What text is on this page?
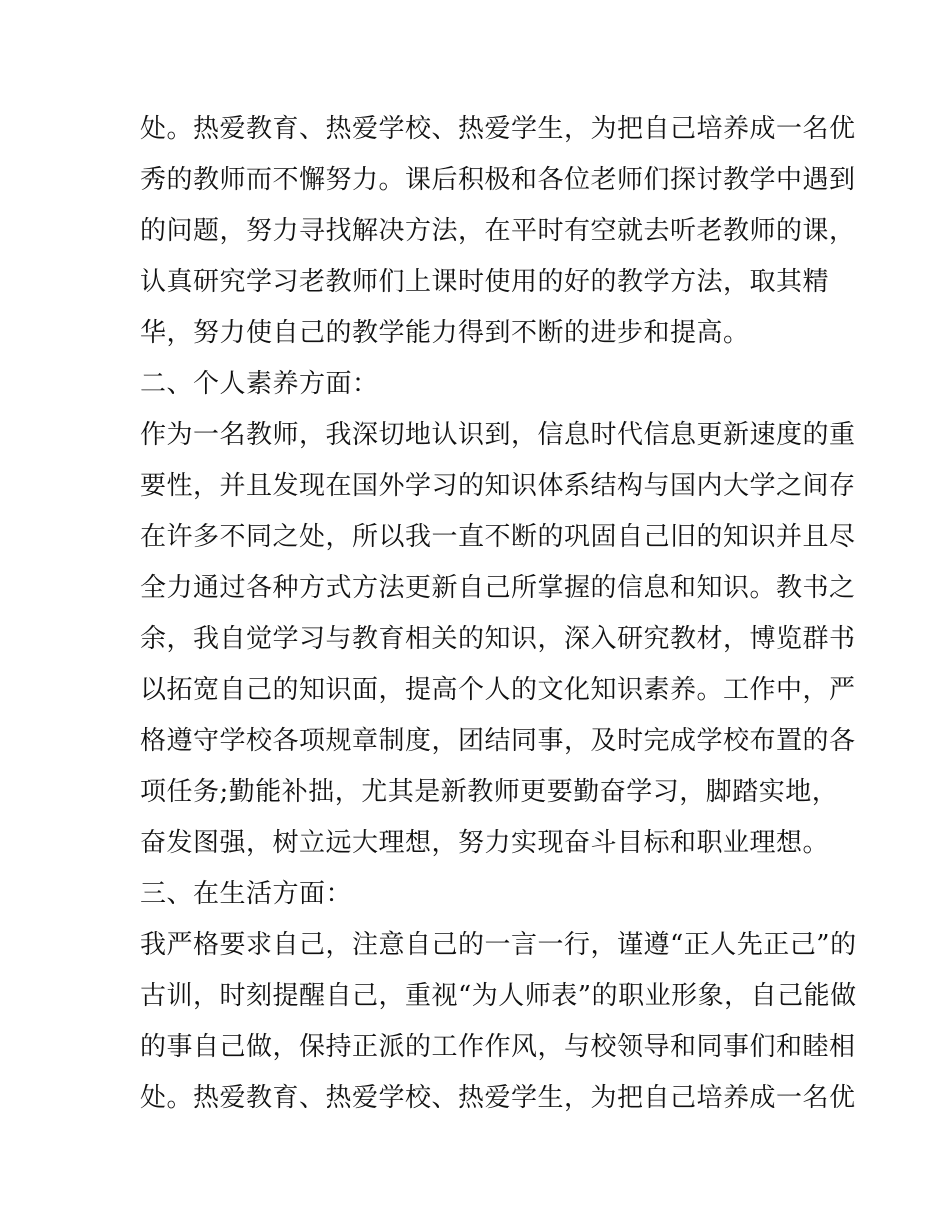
处。热爱教育、热爱学校、热爱学生，为把自己培养成一名优
秀的教师而不懈努力。课后积极和各位老师们探讨教学中遇到
的问题，努力寻找解决方法，在平时有空就去听老教师的课，
认真研究学习老教师们上课时使用的好的教学方法，取其精
华，努力使自己的教学能力得到不断的进步和提高。
二、个人素养方面：
作为一名教师，我深切地认识到，信息时代信息更新速度的重
要性，并且发现在国外学习的知识体系结构与国内大学之间存
在许多不同之处，所以我一直不断的巩固自己旧的知识并且尽
全力通过各种方式方法更新自己所掌握的信息和知识。教书之
余，我自觉学习与教育相关的知识，深入研究教材，博览群书
以拓宽自己的知识面，提高个人的文化知识素养。工作中，严
格遵守学校各项规章制度，团结同事，及时完成学校布置的各
项任务;勤能补拙，尤其是新教师更要勤奋学习，脚踏实地，
奋发图强，树立远大理想，努力实现奋斗目标和职业理想。
三、在生活方面：
我严格要求自己，注意自己的一言一行，谨遵“正人先正己”的
古训，时刻提醒自己，重视“为人师表”的职业形象，自己能做
的事自己做，保持正派的工作作风，与校领导和同事们和睦相
处。热爱教育、热爱学校、热爱学生，为把自己培养成一名优
